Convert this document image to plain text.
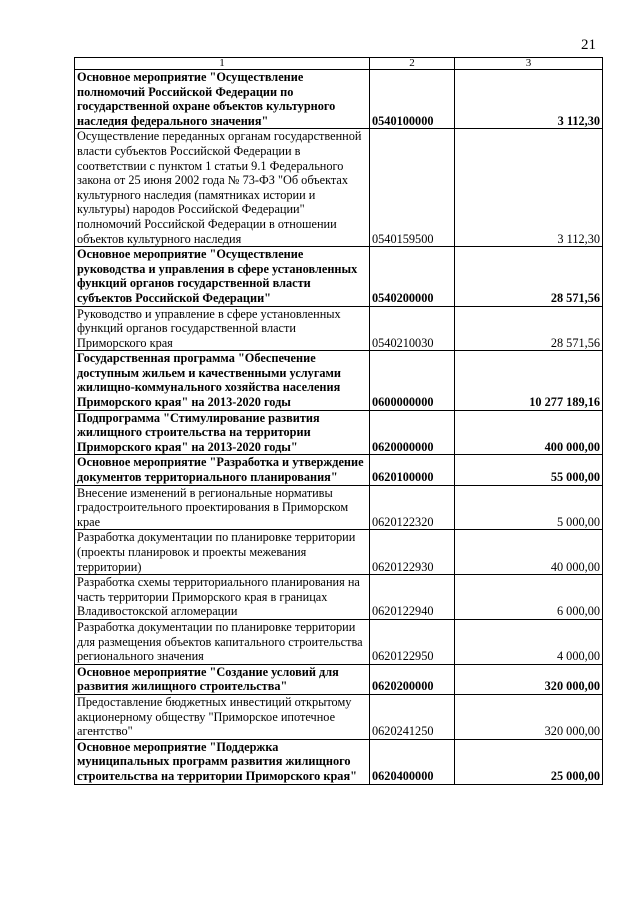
21
1	2	3
Основное мероприятие "Осуществление полномочий Российской Федерации по государственной охране объектов культурного наследия федерального значения"	0540100000	3 112,30
Осуществление переданных органам государственной власти субъектов Российской Федерации в соответствии с пунктом 1 статьи 9.1 Федерального закона от 25 июня 2002 года № 73-ФЗ "Об объектах культурного наследия (памятниках истории и культуры) народов Российской Федерации" полномочий Российской Федерации в отношении объектов культурного наследия	0540159500	3 112,30
Основное мероприятие "Осуществление руководства и управления в сфере установленных функций органов государственной власти субъектов Российской Федерации"	0540200000	28 571,56
Руководство и управление в сфере установленных функций органов государственной власти Приморского края	0540210030	28 571,56
Государственная программа "Обеспечение доступным жильем и качественными услугами жилищно-коммунального хозяйства населения Приморского края" на 2013-2020 годы	0600000000	10 277 189,16
Подпрограмма "Стимулирование развития жилищного строительства на территории Приморского края" на 2013-2020 годы"	0620000000	400 000,00
Основное мероприятие "Разработка и утверждение документов территориального планирования"	0620100000	55 000,00
Внесение изменений в региональные нормативы градостроительного проектирования в Приморском крае	0620122320	5 000,00
Разработка документации по планировке территории (проекты планировок и проекты межевания территории)	0620122930	40 000,00
Разработка схемы территориального планирования на часть территории Приморского края в границах Владивостокской агломерации	0620122940	6 000,00
Разработка документации по планировке территории для размещения объектов капитального строительства регионального значения	0620122950	4 000,00
Основное мероприятие "Создание условий для развития жилищного строительства"	0620200000	320 000,00
Предоставление бюджетных инвестиций открытому акционерному обществу "Приморское ипотечное агентство"	0620241250	320 000,00
Основное мероприятие "Поддержка муниципальных программ развития жилищного строительства на территории Приморского края"	0620400000	25 000,00
